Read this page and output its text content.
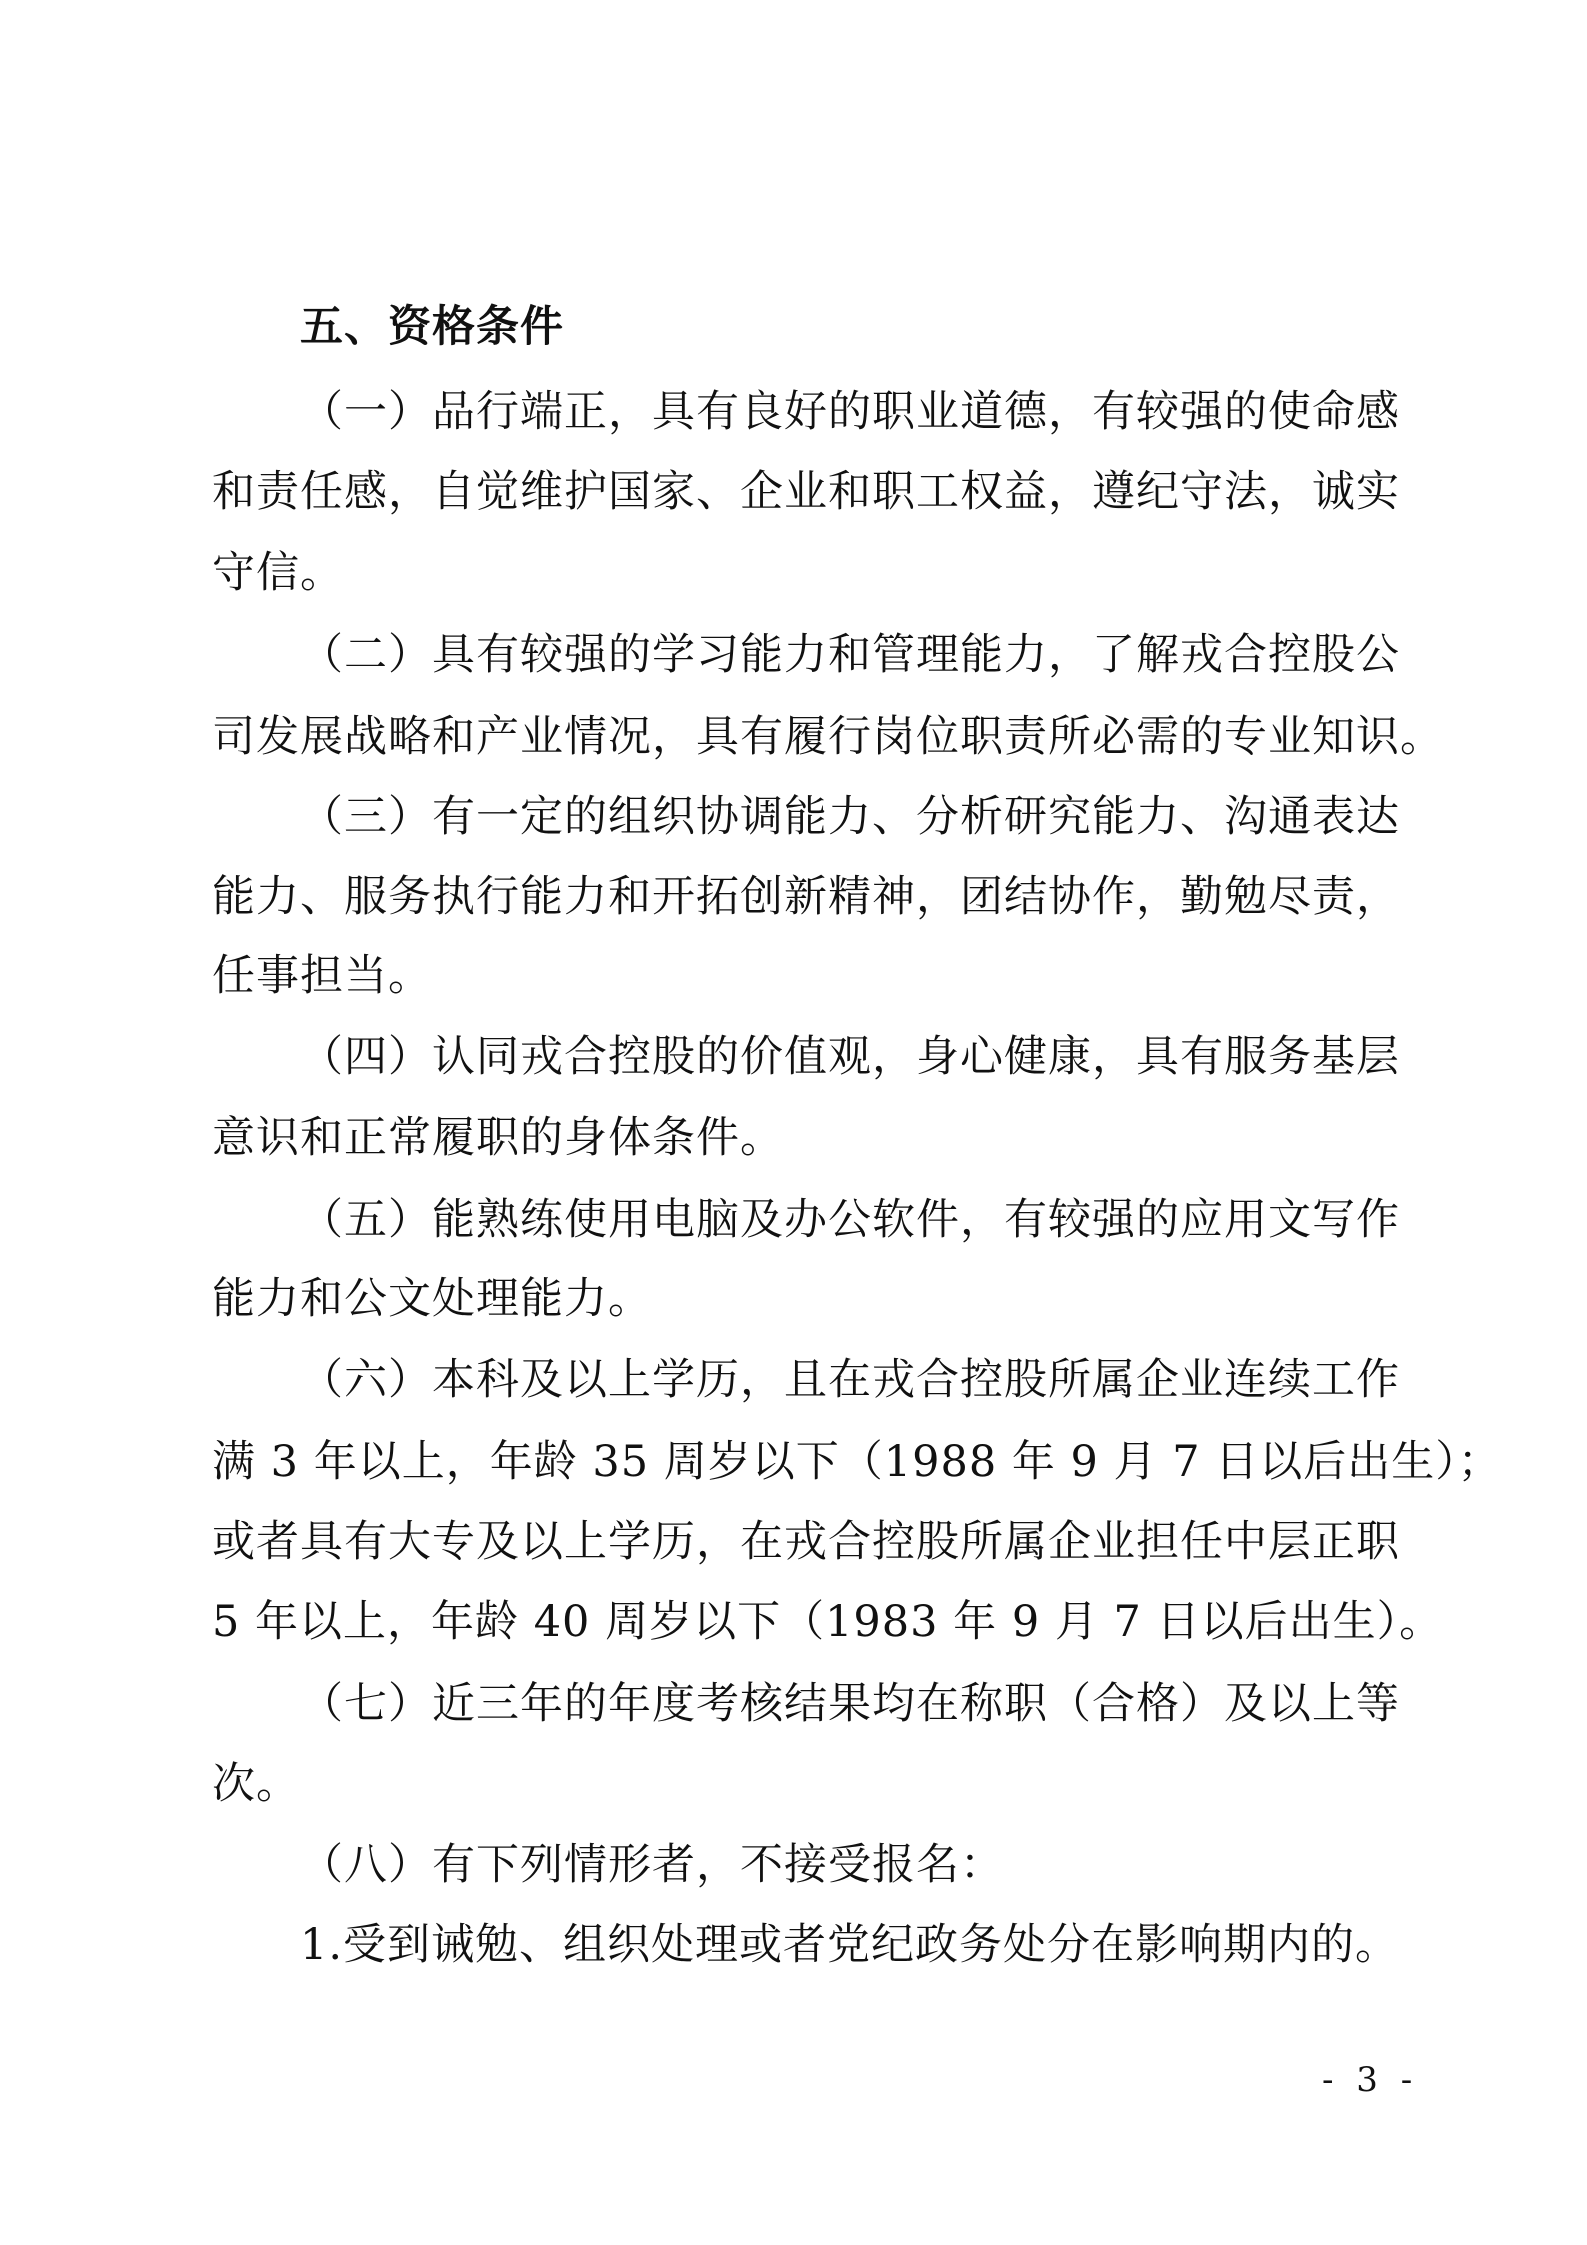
五、资格条件
（一）品行端正，具有良好的职业道德，有较强的使命感
和责任感，自觉维护国家、企业和职工权益，遵纪守法，诚实
守信。
（二）具有较强的学习能力和管理能力，了解戎合控股公
司发展战略和产业情况，具有履行岗位职责所必需的专业知识。
（三）有一定的组织协调能力、分析研究能力、沟通表达
能力、服务执行能力和开拓创新精神，团结协作，勤勉尽责，
任事担当。
（四）认同戎合控股的价值观，身心健康，具有服务基层
意识和正常履职的身体条件。
（五）能熟练使用电脑及办公软件，有较强的应用文写作
能力和公文处理能力。
（六）本科及以上学历，且在戎合控股所属企业连续工作
满 3 年以上，年龄 35 周岁以下（1988 年 9 月 7 日以后出生）；
或者具有大专及以上学历，在戎合控股所属企业担任中层正职
5 年以上，年龄 40 周岁以下（1983 年 9 月 7 日以后出生）。
（七）近三年的年度考核结果均在称职（合格）及以上等
次。
（八）有下列情形者，不接受报名：
1.受到诫勉、组织处理或者党纪政务处分在影响期内的。
- 3 -
